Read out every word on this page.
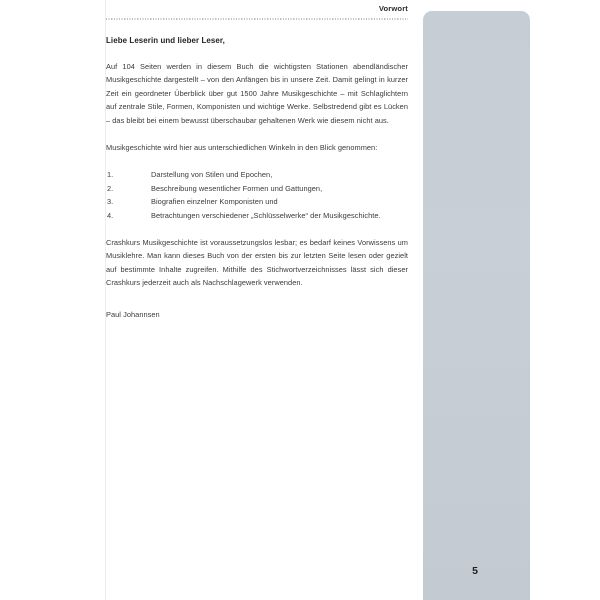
Vorwort

Liebe Leserin und lieber Leser,

Auf 104 Seiten werden in diesem Buch die wichtigsten Stationen abendländischer Musikgeschichte dargestellt – von den Anfängen bis in unsere Zeit. Damit gelingt in kurzer Zeit ein geordneter Überblick über gut 1500 Jahre Musikgeschichte – mit Schlaglichtern auf zentrale Stile, Formen, Komponisten und wichtige Werke. Selbstredend gibt es Lücken – das bleibt bei einem bewusst überschaubar gehaltenen Werk wie diesem nicht aus.

Musikgeschichte wird hier aus unterschiedlichen Winkeln in den Blick genommen:

1.	Darstellung von Stilen und Epochen,
2.	Beschreibung wesentlicher Formen und Gattungen,
3.	Biografien einzelner Komponisten und
4.	Betrachtungen verschiedener „Schlüsselwerke“ der Musikgeschichte.

Crashkurs Musikgeschichte ist voraussetzungslos lesbar; es bedarf keines Vorwissens um Musiklehre. Man kann dieses Buch von der ersten bis zur letzten Seite lesen oder gezielt auf bestimmte Inhalte zugreifen. Mithilfe des Stichwortverzeichnisses lässt sich dieser Crashkurs jederzeit auch als Nachschlagewerk verwenden.

Paul Johannsen

5
